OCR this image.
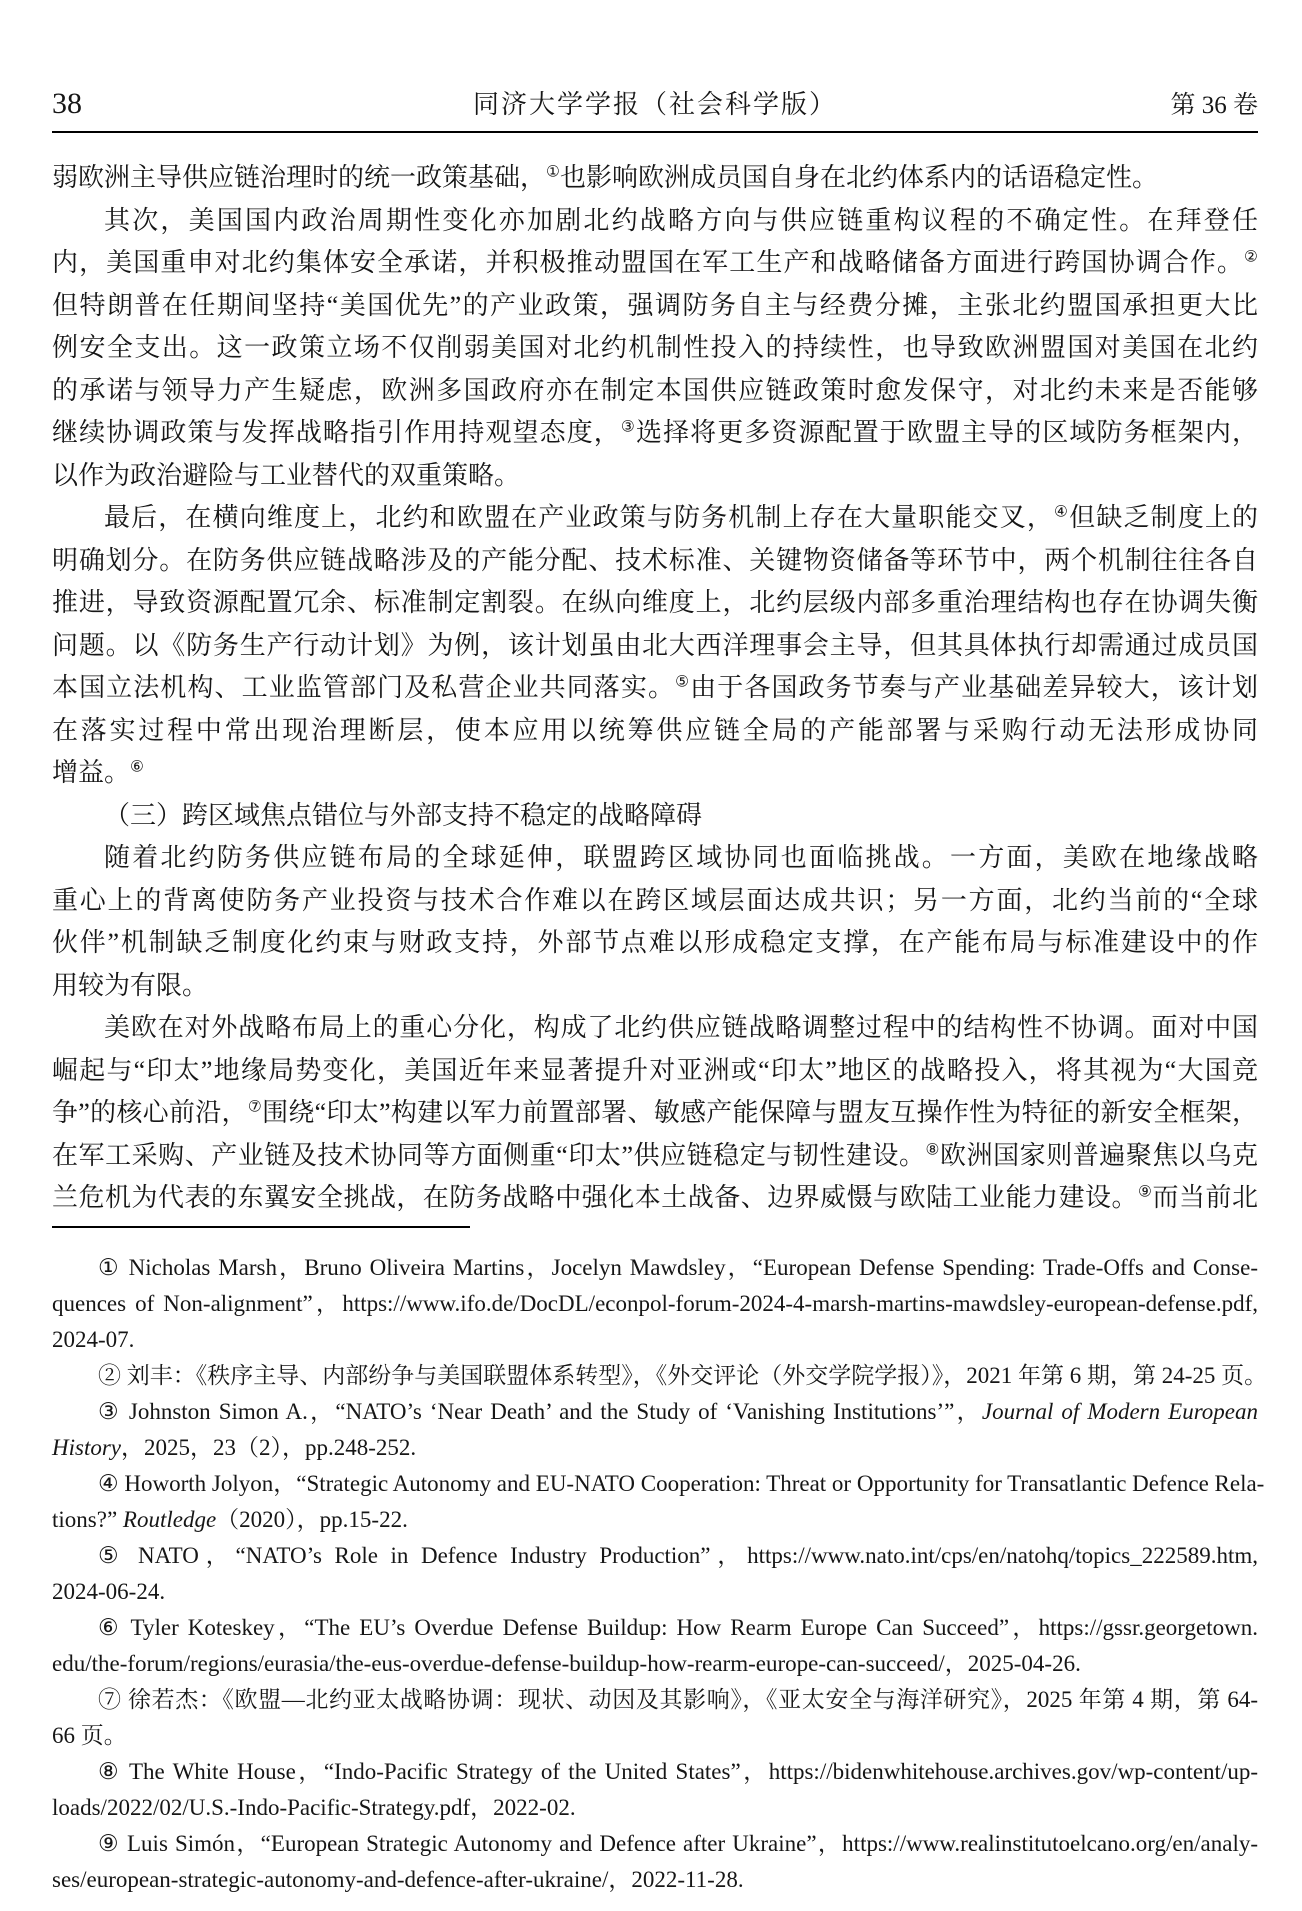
38	同济大学学报（社会科学版）	第 36 卷
弱欧洲主导供应链治理时的统一政策基础，①也影响欧洲成员国自身在北约体系内的话语稳定性。
其次，美国国内政治周期性变化亦加剧北约战略方向与供应链重构议程的不确定性。在拜登任
内，美国重申对北约集体安全承诺，并积极推动盟国在军工生产和战略储备方面进行跨国协调合作。②
但特朗普在任期间坚持“美国优先”的产业政策，强调防务自主与经费分摊，主张北约盟国承担更大比
例安全支出。这一政策立场不仅削弱美国对北约机制性投入的持续性，也导致欧洲盟国对美国在北约
的承诺与领导力产生疑虑，欧洲多国政府亦在制定本国供应链政策时愈发保守，对北约未来是否能够
继续协调政策与发挥战略指引作用持观望态度，③选择将更多资源配置于欧盟主导的区域防务框架内，
以作为政治避险与工业替代的双重策略。
最后，在横向维度上，北约和欧盟在产业政策与防务机制上存在大量职能交叉，④但缺乏制度上的
明确划分。在防务供应链战略涉及的产能分配、技术标准、关键物资储备等环节中，两个机制往往各自
推进，导致资源配置冗余、标准制定割裂。在纵向维度上，北约层级内部多重治理结构也存在协调失衡
问题。以《防务生产行动计划》为例，该计划虽由北大西洋理事会主导，但其具体执行却需通过成员国
本国立法机构、工业监管部门及私营企业共同落实。⑤由于各国政务节奏与产业基础差异较大，该计划
在落实过程中常出现治理断层，使本应用以统筹供应链全局的产能部署与采购行动无法形成协同
增益。⑥
（三）跨区域焦点错位与外部支持不稳定的战略障碍
随着北约防务供应链布局的全球延伸，联盟跨区域协同也面临挑战。一方面，美欧在地缘战略
重心上的背离使防务产业投资与技术合作难以在跨区域层面达成共识；另一方面，北约当前的“全球
伙伴”机制缺乏制度化约束与财政支持，外部节点难以形成稳定支撑，在产能布局与标准建设中的作
用较为有限。
美欧在对外战略布局上的重心分化，构成了北约供应链战略调整过程中的结构性不协调。面对中国
崛起与“印太”地缘局势变化，美国近年来显著提升对亚洲或“印太”地区的战略投入，将其视为“大国竞
争”的核心前沿，⑦围绕“印太”构建以军力前置部署、敏感产能保障与盟友互操作性为特征的新安全框架，
在军工采购、产业链及技术协同等方面侧重“印太”供应链稳定与韧性建设。⑧欧洲国家则普遍聚焦以乌克
兰危机为代表的东翼安全挑战，在防务战略中强化本土战备、边界威慑与欧陆工业能力建设。⑨而当前北
① Nicholas Marsh，Bruno Oliveira Martins，Jocelyn Mawdsley，“European Defense Spending: Trade-Offs and Conse-
quences of Non-alignment”，https://www.ifo.de/DocDL/econpol-forum-2024-4-marsh-martins-mawdsley-european-defense.pdf,
2024-07.
② 刘丰：《秩序主导、内部纷争与美国联盟体系转型》，《外交评论（外交学院学报）》，2021 年第 6 期，第 24-25 页。
③ Johnston Simon A.，“NATO’s ‘Near Death’ and the Study of ‘Vanishing Institutions’”，Journal of Modern European
History，2025，23（2），pp.248-252.
④ Howorth Jolyon，“Strategic Autonomy and EU-NATO Cooperation: Threat or Opportunity for Transatlantic Defence Rela-
tions?” Routledge（2020），pp.15-22.
⑤ NATO，“NATO’s Role in Defence Industry Production”，https://www.nato.int/cps/en/natohq/topics_222589.htm,
2024-06-24.
⑥ Tyler Koteskey，“The EU’s Overdue Defense Buildup: How Rearm Europe Can Succeed”，https://gssr.georgetown.
edu/the-forum/regions/eurasia/the-eus-overdue-defense-buildup-how-rearm-europe-can-succeed/，2025-04-26.
⑦ 徐若杰：《欧盟—北约亚太战略协调：现状、动因及其影响》，《亚太安全与海洋研究》，2025 年第 4 期，第 64-
66 页。
⑧ The White House，“Indo-Pacific Strategy of the United States”，https://bidenwhitehouse.archives.gov/wp-content/up-
loads/2022/02/U.S.-Indo-Pacific-Strategy.pdf，2022-02.
⑨ Luis Simón，“European Strategic Autonomy and Defence after Ukraine”，https://www.realinstitutoelcano.org/en/analy-
ses/european-strategic-autonomy-and-defence-after-ukraine/，2022-11-28.
